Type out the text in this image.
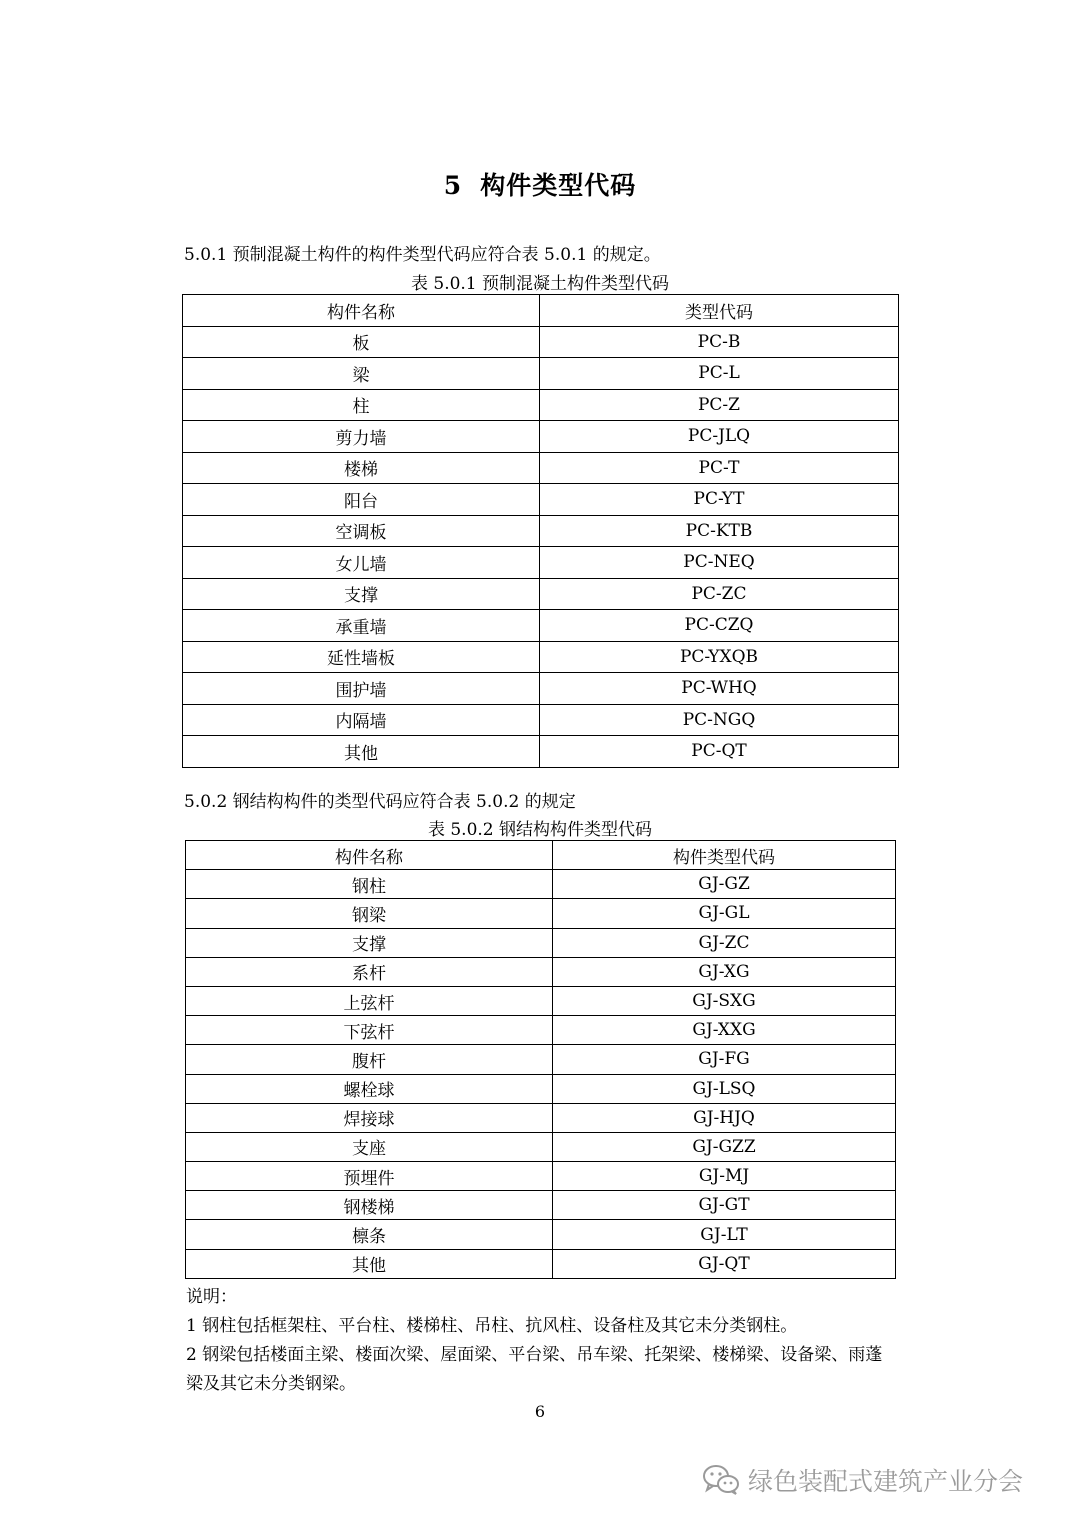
5 构件类型代码
5.0.1 预制混凝土构件的构件类型代码应符合表 5.0.1 的规定。
表 5.0.1 预制混凝土构件类型代码
构件名称	类型代码
板	PC-B
梁	PC-L
柱	PC-Z
剪力墙	PC-JLQ
楼梯	PC-T
阳台	PC-YT
空调板	PC-KTB
女儿墙	PC-NEQ
支撑	PC-ZC
承重墙	PC-CZQ
延性墙板	PC-YXQB
围护墙	PC-WHQ
内隔墙	PC-NGQ
其他	PC-QT
5.0.2 钢结构构件的类型代码应符合表 5.0.2 的规定
表 5.0.2 钢结构构件类型代码
构件名称	构件类型代码
钢柱	GJ-GZ
钢梁	GJ-GL
支撑	GJ-ZC
系杆	GJ-XG
上弦杆	GJ-SXG
下弦杆	GJ-XXG
腹杆	GJ-FG
螺栓球	GJ-LSQ
焊接球	GJ-HJQ
支座	GJ-GZZ
预埋件	GJ-MJ
钢楼梯	GJ-GT
檩条	GJ-LT
其他	GJ-QT

说明：

1 钢柱包括框架柱、平台柱、楼梯柱、吊柱、抗风柱、设备柱及其它未分类钢柱。

2 钢梁包括楼面主梁、楼面次梁、屋面梁、平台梁、吊车梁、托架梁、楼梯梁、设备梁、雨蓬梁及其它未分类钢梁。

6
绿色装配式建筑产业分会
